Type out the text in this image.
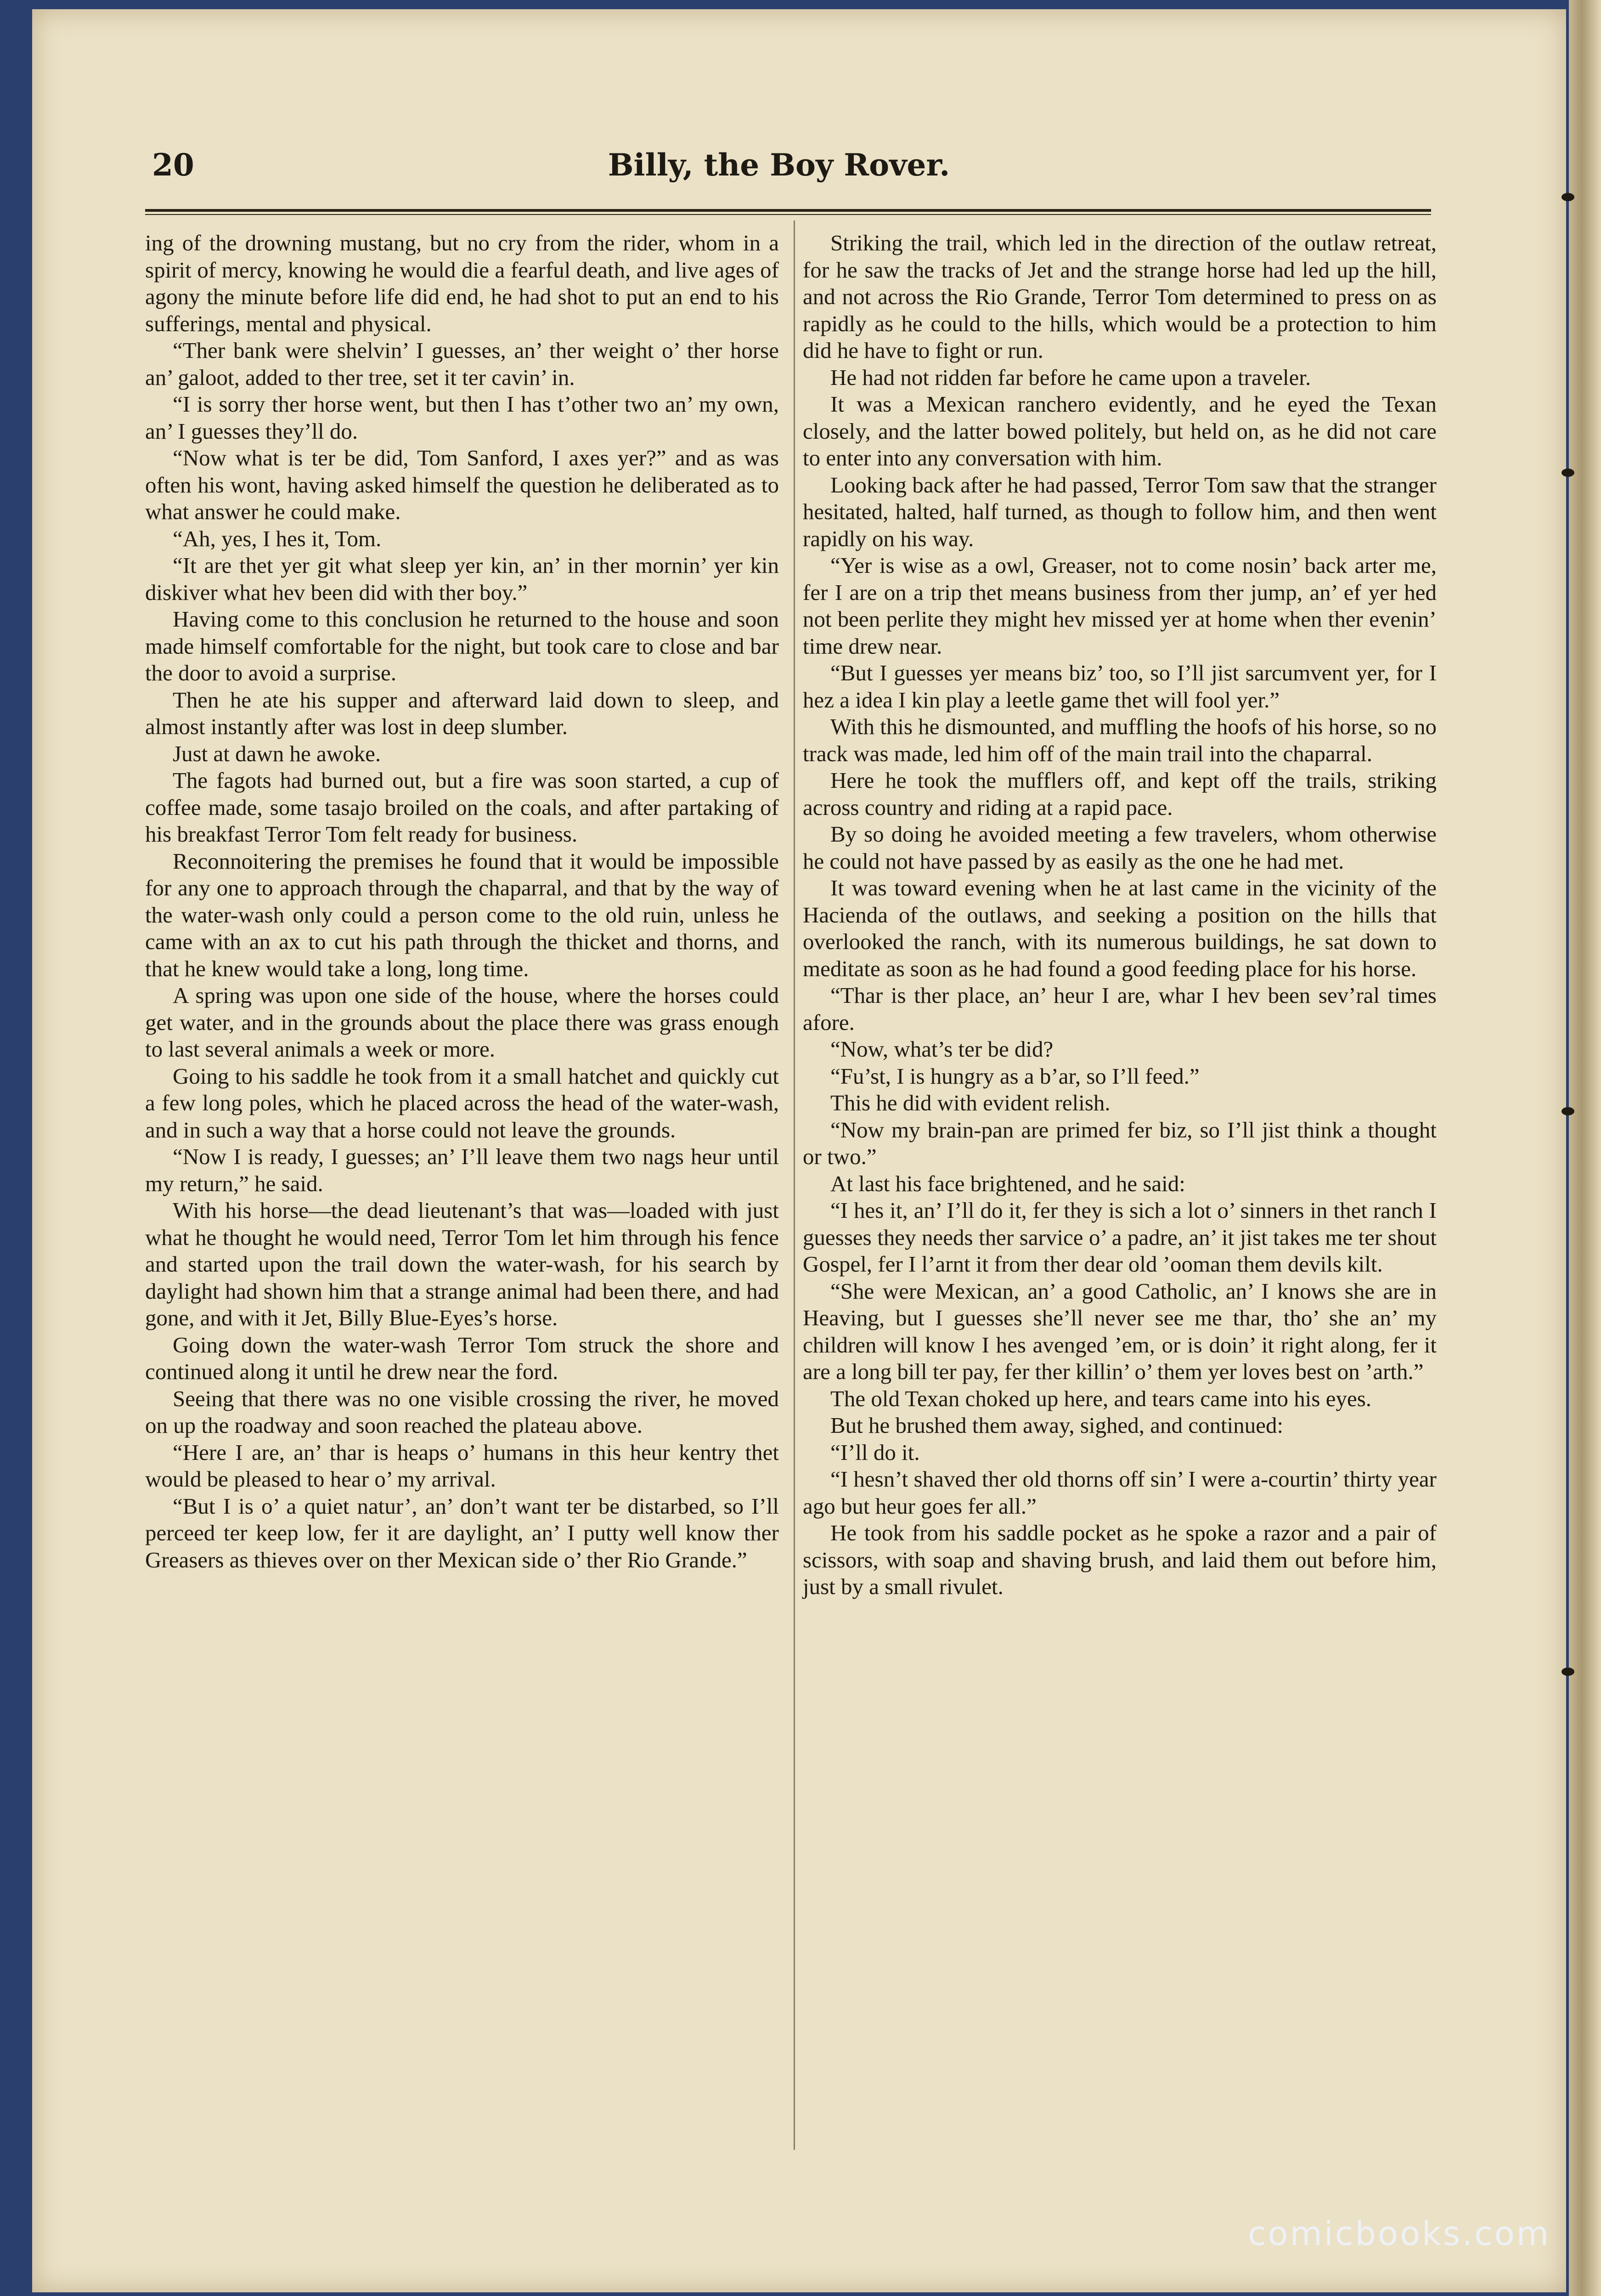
20	Billy, the Boy Rover.

ing of the drowning mustang, but no cry from the rider, whom in a spirit of mercy, knowing he would die a fearful death, and live ages of agony the minute before life did end, he had shot to put an end to his sufferings, mental and physical.

“Ther bank were shelvin’ I guesses, an’ ther weight o’ ther horse an’ galoot, added to ther tree, set it ter cavin’ in.

“I is sorry ther horse went, but then I has t’other two an’ my own, an’ I guesses they’ll do.

“Now what is ter be did, Tom Sanford, I axes yer?” and as was often his wont, having asked himself the question he deliberated as to what answer he could make.

“Ah, yes, I hes it, Tom.

“It are thet yer git what sleep yer kin, an’ in ther mornin’ yer kin diskiver what hev been did with ther boy.”

Having come to this conclusion he returned to the house and soon made himself comfortable for the night, but took care to close and bar the door to avoid a surprise.

Then he ate his supper and afterward laid down to sleep, and almost instantly after was lost in deep slumber.

Just at dawn he awoke.

The fagots had burned out, but a fire was soon started, a cup of coffee made, some tasajo broiled on the coals, and after partaking of his breakfast Terror Tom felt ready for business.

Reconnoitering the premises he found that it would be impossible for any one to approach through the chaparral, and that by the way of the water-wash only could a person come to the old ruin, unless he came with an ax to cut his path through the thicket and thorns, and that he knew would take a long, long time.

A spring was upon one side of the house, where the horses could get water, and in the grounds about the place there was grass enough to last several animals a week or more.

Going to his saddle he took from it a small hatchet and quickly cut a few long poles, which he placed across the head of the water-wash, and in such a way that a horse could not leave the grounds.

“Now I is ready, I guesses; an’ I’ll leave them two nags heur until my return,” he said.

With his horse—the dead lieutenant’s that was—loaded with just what he thought he would need, Terror Tom let him through his fence and started upon the trail down the water-wash, for his search by daylight had shown him that a strange animal had been there, and had gone, and with it Jet, Billy Blue-Eyes’s horse.

Going down the water-wash Terror Tom struck the shore and continued along it until he drew near the ford.

Seeing that there was no one visible crossing the river, he moved on up the roadway and soon reached the plateau above.

“Here I are, an’ thar is heaps o’ humans in this heur kentry thet would be pleased to hear o’ my arrival.

“But I is o’ a quiet natur’, an’ don’t want ter be distarbed, so I’ll perceed ter keep low, fer it are daylight, an’ I putty well know ther Greasers as thieves over on ther Mexican side o’ ther Rio Grande.”

Striking the trail, which led in the direction of the outlaw retreat, for he saw the tracks of Jet and the strange horse had led up the hill, and not across the Rio Grande, Terror Tom determined to press on as rapidly as he could to the hills, which would be a protection to him did he have to fight or run.

He had not ridden far before he came upon a traveler.

It was a Mexican ranchero evidently, and he eyed the Texan closely, and the latter bowed politely, but held on, as he did not care to enter into any conversation with him.

Looking back after he had passed, Terror Tom saw that the stranger hesitated, halted, half turned, as though to follow him, and then went rapidly on his way.

“Yer is wise as a owl, Greaser, not to come nosin’ back arter me, fer I are on a trip thet means business from ther jump, an’ ef yer hed not been perlite they might hev missed yer at home when ther evenin’ time drew near.

“But I guesses yer means biz’ too, so I’ll jist sarcumvent yer, for I hez a idea I kin play a leetle game thet will fool yer.”

With this he dismounted, and muffling the hoofs of his horse, so no track was made, led him off of the main trail into the chaparral.

Here he took the mufflers off, and kept off the trails, striking across country and riding at a rapid pace.

By so doing he avoided meeting a few travelers, whom otherwise he could not have passed by as easily as the one he had met.

It was toward evening when he at last came in the vicinity of the Hacienda of the outlaws, and seeking a position on the hills that overlooked the ranch, with its numerous buildings, he sat down to meditate as soon as he had found a good feeding place for his horse.

“Thar is ther place, an’ heur I are, whar I hev been sev’ral times afore.

“Now, what’s ter be did?

“Fu’st, I is hungry as a b’ar, so I’ll feed.”

This he did with evident relish.

“Now my brain-pan are primed fer biz, so I’ll jist think a thought or two.”

At last his face brightened, and he said:

“I hes it, an’ I’ll do it, fer they is sich a lot o’ sinners in thet ranch I guesses they needs ther sarvice o’ a padre, an’ it jist takes me ter shout Gospel, fer I l’arnt it from ther dear old ’ooman them devils kilt.

“She were Mexican, an’ a good Catholic, an’ I knows she are in Heaving, but I guesses she’ll never see me thar, tho’ she an’ my children will know I hes avenged ’em, or is doin’ it right along, fer it are a long bill ter pay, fer ther killin’ o’ them yer loves best on ’arth.”

The old Texan choked up here, and tears came into his eyes.

But he brushed them away, sighed, and continued:

“I’ll do it.

“I hesn’t shaved ther old thorns off sin’ I were a-courtin’ thirty year ago but heur goes fer all.”

He took from his saddle pocket as he spoke a razor and a pair of scissors, with soap and shaving brush, and laid them out before him, just by a small rivulet.

comicbooks.com
